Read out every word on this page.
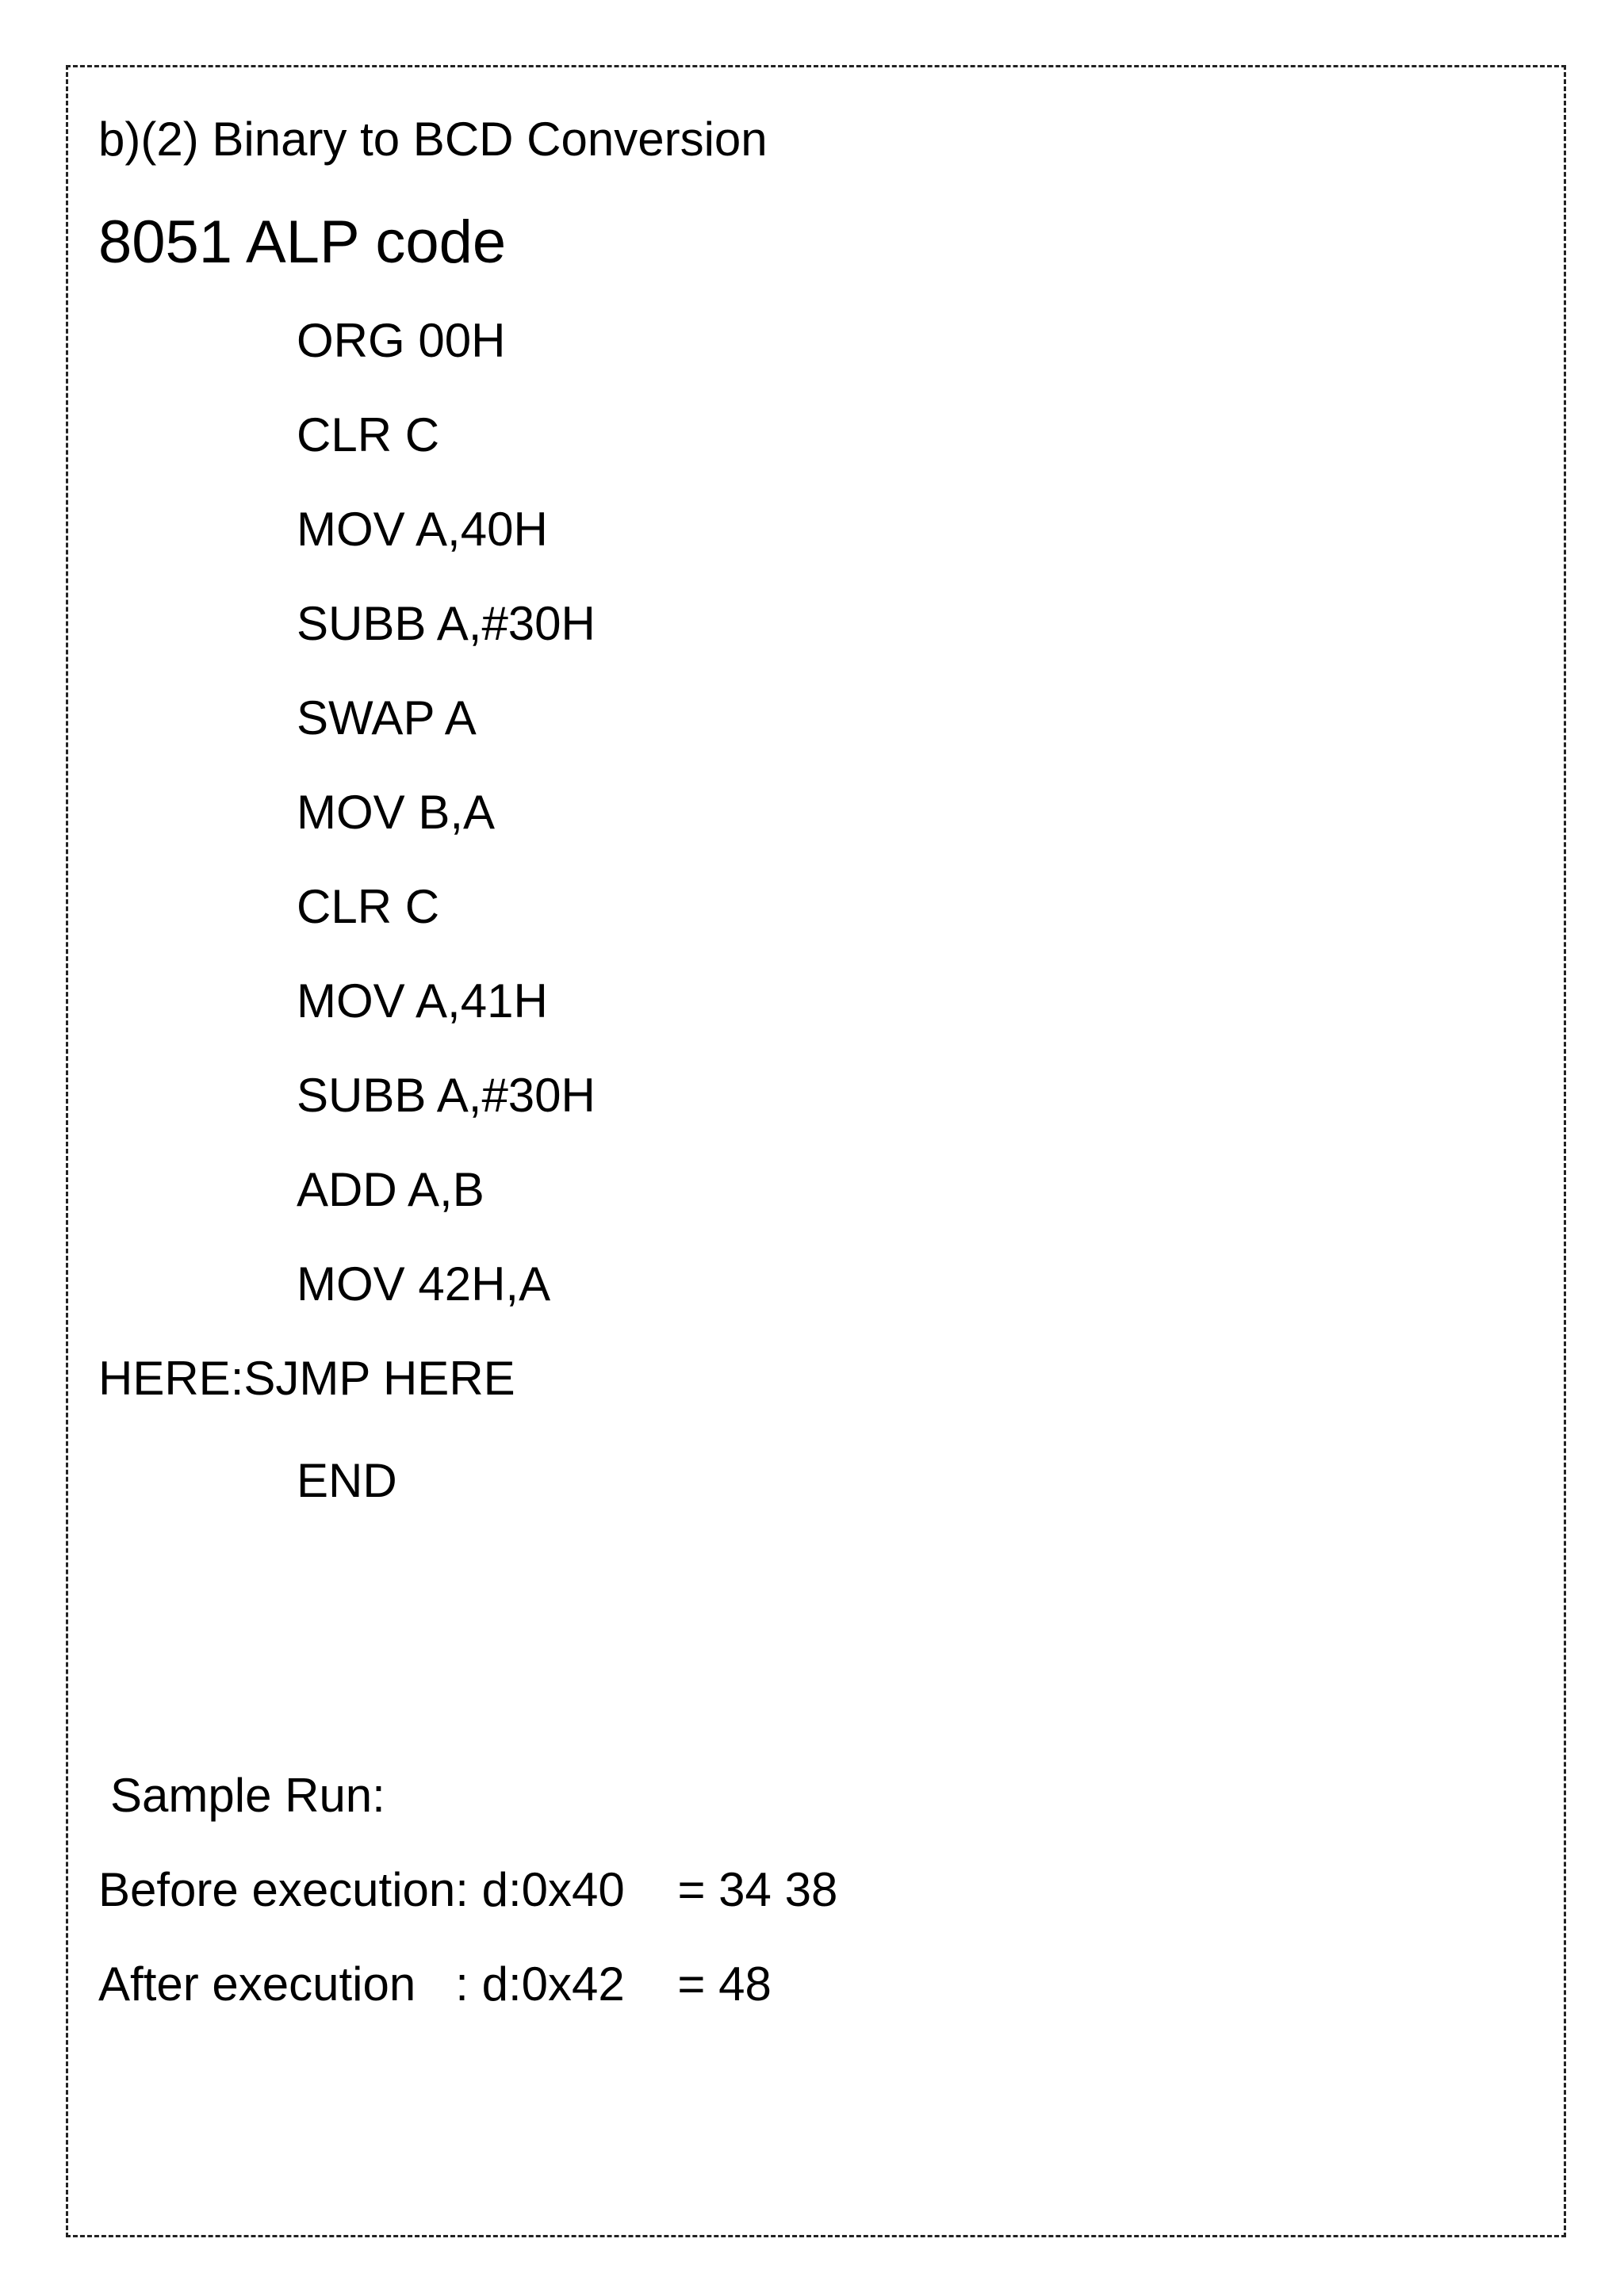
b)(2) Binary to BCD Conversion
8051 ALP code
ORG 00H
CLR C
MOV A,40H
SUBB A,#30H
SWAP A
MOV B,A
CLR C
MOV A,41H
SUBB A,#30H
ADD A,B
MOV 42H,A
HERE:SJMP HERE
END
Sample Run:
Before execution: d:0x40    = 34 38
After execution   : d:0x42    = 48
